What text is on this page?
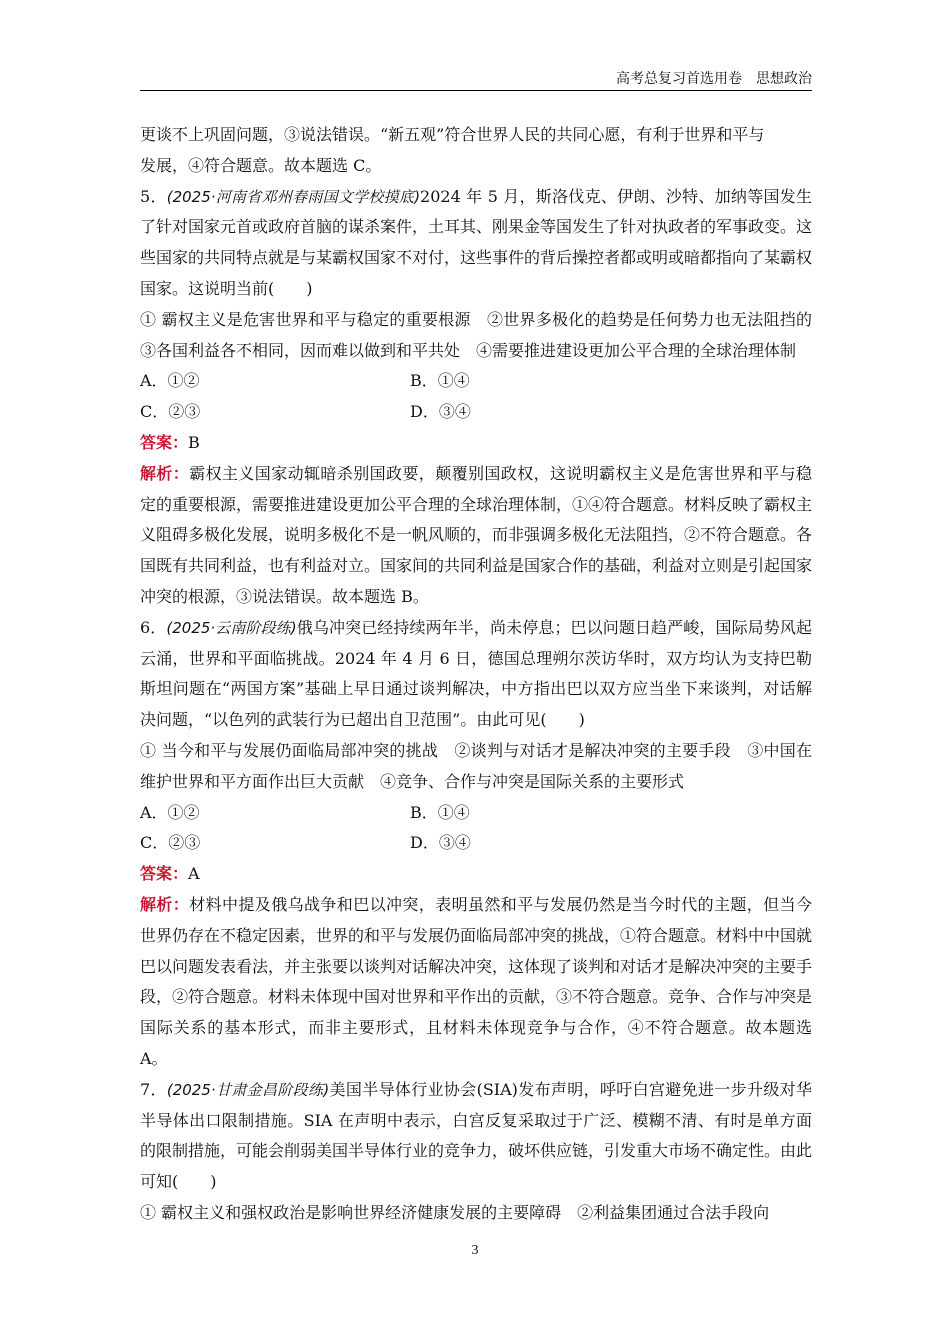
高考总复习首选用卷　思想政治

更谈不上巩固问题，③说法错误。“新五观”符合世界人民的共同心愿，有利于世界和平与

发展，④符合题意。故本题选 C。

5．(2025·河南省邓州春雨国文学校摸底)2024 年 5 月，斯洛伐克、伊朗、沙特、加纳等国发生了针对国家元首或政府首脑的谋杀案件，土耳其、刚果金等国发生了针对执政者的军事政变。这些国家的共同特点就是与某霸权国家不对付，这些事件的背后操控者都或明或暗都指向了某霸权国家。这说明当前(　　)

① 霸权主义是危害世界和平与稳定的重要根源　②世界多极化的趋势是任何势力也无法阻挡的　③各国利益各不相同，因而难以做到和平共处　④需要推进建设更加公平合理的全球治理体制

A．①②	B．①④
C．②③	D．③④

答案：B

解析：霸权主义国家动辄暗杀别国政要，颠覆别国政权，这说明霸权主义是危害世界和平与稳定的重要根源，需要推进建设更加公平合理的全球治理体制，①④符合题意。材料反映了霸权主义阻碍多极化发展，说明多极化不是一帆风顺的，而非强调多极化无法阻挡，②不符合题意。各国既有共同利益，也有利益对立。国家间的共同利益是国家合作的基础，利益对立则是引起国家冲突的根源，③说法错误。故本题选 B。

6．(2025·云南阶段练)俄乌冲突已经持续两年半，尚未停息；巴以问题日趋严峻，国际局势风起云涌，世界和平面临挑战。2024 年 4 月 6 日，德国总理朔尔茨访华时，双方均认为支持巴勒斯坦问题在“两国方案”基础上早日通过谈判解决，中方指出巴以双方应当坐下来谈判，对话解决问题，“以色列的武装行为已超出自卫范围”。由此可见(　　)

① 当今和平与发展仍面临局部冲突的挑战　②谈判与对话才是解决冲突的主要手段　③中国在维护世界和平方面作出巨大贡献　④竞争、合作与冲突是国际关系的主要形式

A．①②	B．①④
C．②③	D．③④

答案：A

解析：材料中提及俄乌战争和巴以冲突，表明虽然和平与发展仍然是当今时代的主题，但当今世界仍存在不稳定因素，世界的和平与发展仍面临局部冲突的挑战，①符合题意。材料中中国就巴以问题发表看法，并主张要以谈判对话解决冲突，这体现了谈判和对话才是解决冲突的主要手段，②符合题意。材料未体现中国对世界和平作出的贡献，③不符合题意。竞争、合作与冲突是国际关系的基本形式，而非主要形式，且材料未体现竞争与合作，④不符合题意。故本题选 A。

7．(2025·甘肃金昌阶段练)美国半导体行业协会(SIA)发布声明，呼吁白宫避免进一步升级对华半导体出口限制措施。SIA 在声明中表示，白宫反复采取过于广泛、模糊不清、有时是单方面的限制措施，可能会削弱美国半导体行业的竞争力，破坏供应链，引发重大市场不确定性。由此可知(　　)

① 霸权主义和强权政治是影响世界经济健康发展的主要障碍　②利益集团通过合法手段向

3
